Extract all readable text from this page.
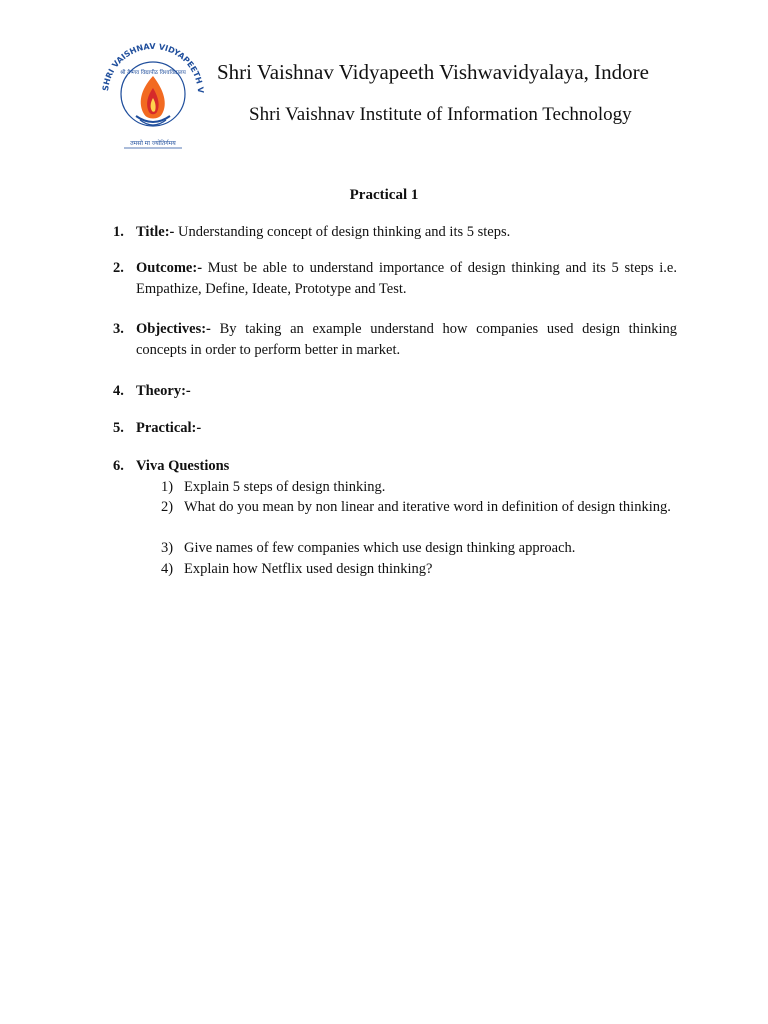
SHRI VAISHNAV VIDYAPEETH V
श्री वैष्णव विद्यापीठ विश्वविद्यालय
तमसो मा ज्योतिर्गमय
Shri Vaishnav Vidyapeeth Vishwavidyalaya, Indore
Shri Vaishnav Institute of Information Technology
Practical 1
1. Title:- Understanding concept of design thinking and its 5 steps.
2. Outcome:- Must be able to understand importance of design thinking and its 5 steps i.e. Empathize, Define, Ideate, Prototype and Test.
3. Objectives:- By taking an example understand how companies used design thinking concepts in order to perform better in market.
4. Theory:-
5. Practical:-
6. Viva Questions
1) Explain 5 steps of design thinking.
2) What do you mean by non linear and iterative word in definition of design thinking.
3) Give names of few companies which use design thinking approach.
4) Explain how Netflix used design thinking?
